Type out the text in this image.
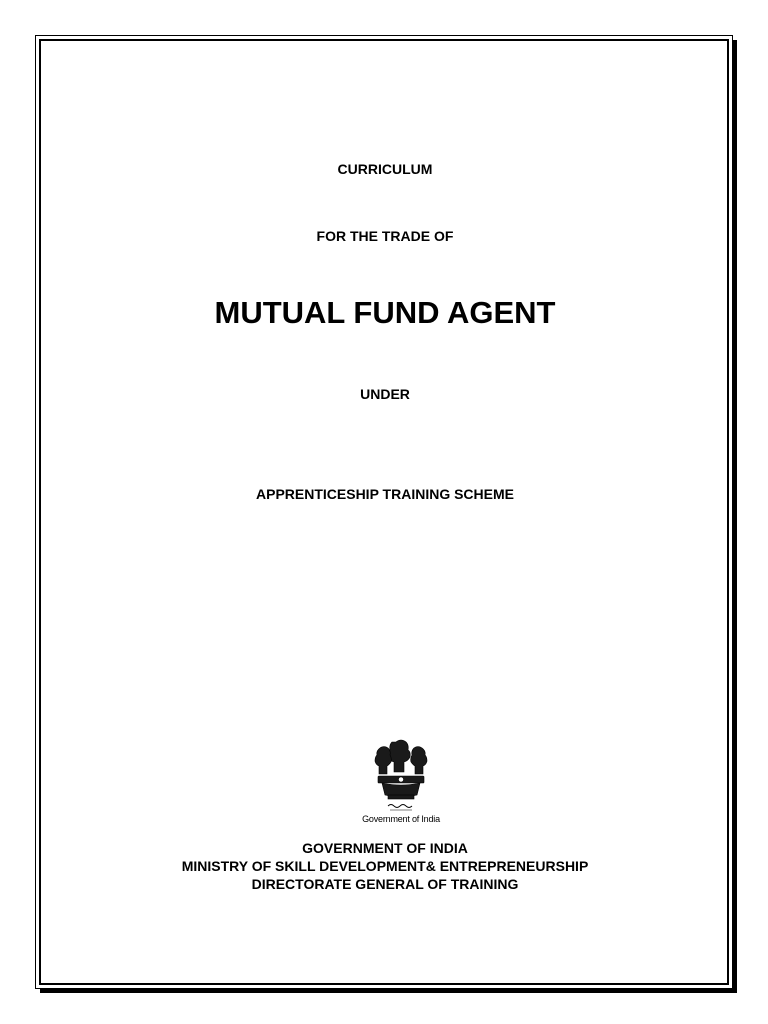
CURRICULUM
FOR THE TRADE OF
MUTUAL FUND AGENT
UNDER
APPRENTICESHIP TRAINING SCHEME
Government of India
GOVERNMENT OF INDIA
MINISTRY OF SKILL DEVELOPMENT& ENTREPRENEURSHIP
DIRECTORATE GENERAL OF TRAINING
